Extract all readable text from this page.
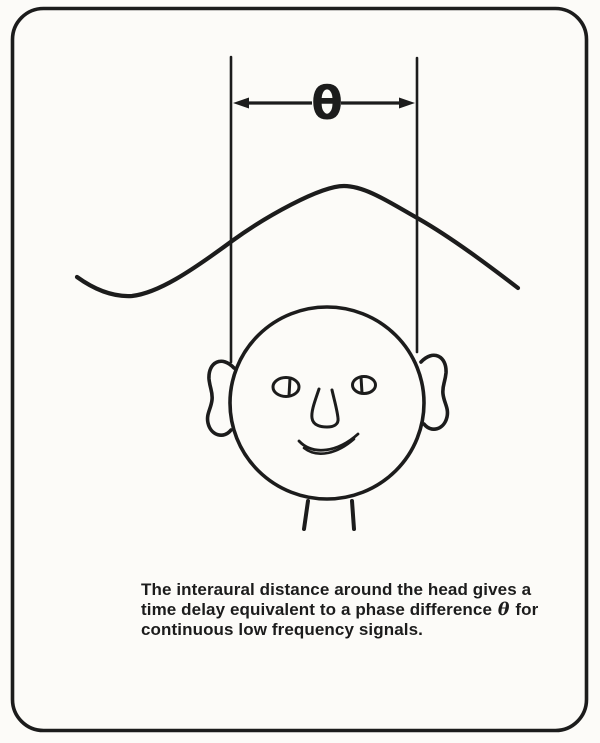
θ
The interaural distance around the head gives a
time delay equivalent to a phase difference θ for
continuous low frequency signals.
